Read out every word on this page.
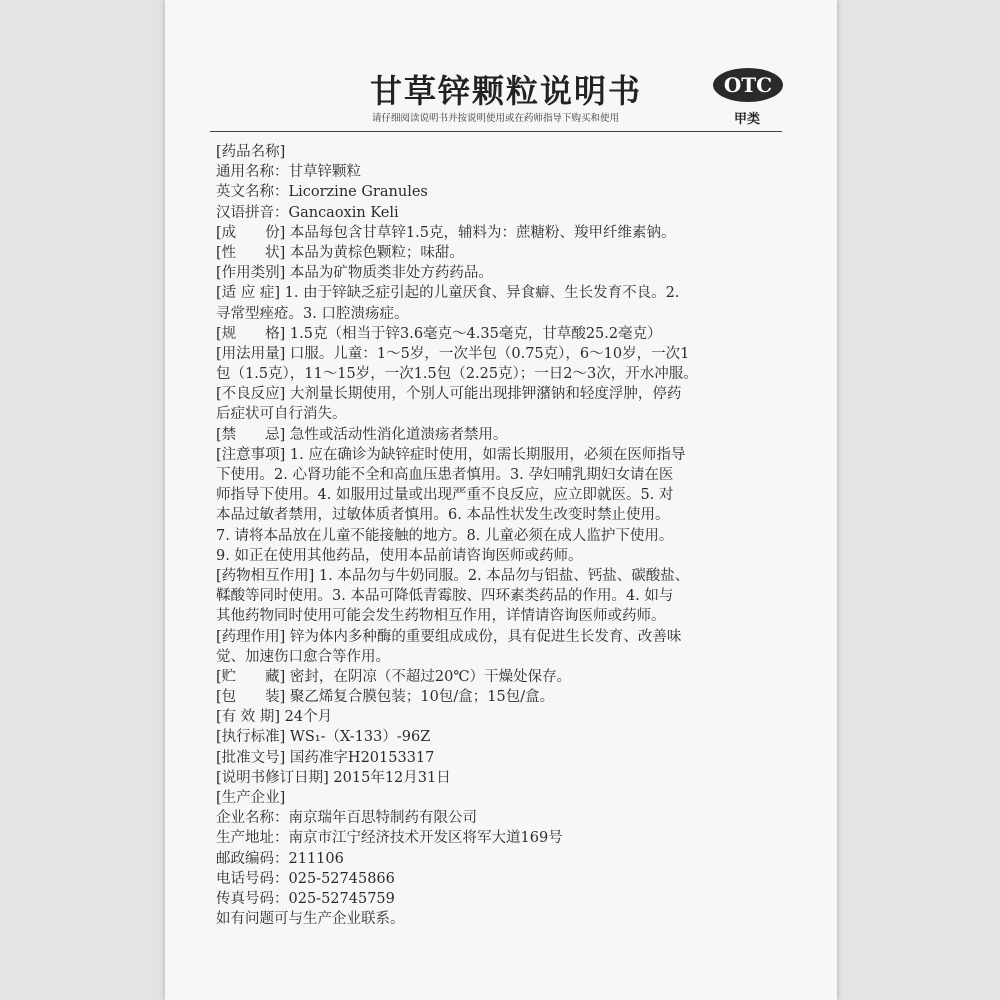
甘草锌颗粒说明书
请仔细阅读说明书并按说明使用或在药师指导下购买和使用
OTC
甲类
[药品名称]
通用名称：甘草锌颗粒
英文名称：Licorzine Granules
汉语拼音：Gancaoxin Keli
[成　　份] 本品每包含甘草锌1.5克，辅料为：蔗糖粉、羧甲纤维素钠。
[性　　状] 本品为黄棕色颗粒；味甜。
[作用类别] 本品为矿物质类非处方药药品。
[适 应 症] 1. 由于锌缺乏症引起的儿童厌食、异食癖、生长发育不良。2.
寻常型痤疮。3. 口腔溃疡症。
[规　　格] 1.5克（相当于锌3.6毫克～4.35毫克，甘草酸25.2毫克）
[用法用量] 口服。儿童：1～5岁，一次半包（0.75克），6～10岁，一次1
包（1.5克），11～15岁，一次1.5包（2.25克）；一日2～3次，开水冲服。
[不良反应] 大剂量长期使用，个别人可能出现排钾潴钠和轻度浮肿，停药
后症状可自行消失。
[禁　　忌] 急性或活动性消化道溃疡者禁用。
[注意事项] 1. 应在确诊为缺锌症时使用，如需长期服用，必须在医师指导
下使用。2. 心肾功能不全和高血压患者慎用。3. 孕妇哺乳期妇女请在医
师指导下使用。4. 如服用过量或出现严重不良反应，应立即就医。5. 对
本品过敏者禁用，过敏体质者慎用。6. 本品性状发生改变时禁止使用。
7. 请将本品放在儿童不能接触的地方。8. 儿童必须在成人监护下使用。
9. 如正在使用其他药品，使用本品前请咨询医师或药师。
[药物相互作用] 1. 本品勿与牛奶同服。2. 本品勿与铝盐、钙盐、碳酸盐、
鞣酸等同时使用。3. 本品可降低青霉胺、四环素类药品的作用。4. 如与
其他药物同时使用可能会发生药物相互作用，详情请咨询医师或药师。
[药理作用] 锌为体内多种酶的重要组成成份，具有促进生长发育、改善味
觉、加速伤口愈合等作用。
[贮　　藏] 密封，在阴凉（不超过20℃）干燥处保存。
[包　　装] 聚乙烯复合膜包装；10包/盒；15包/盒。
[有 效 期] 24个月
[执行标准] WS₁-（X-133）-96Z
[批准文号] 国药准字H20153317
[说明书修订日期] 2015年12月31日
[生产企业]
企业名称：南京瑞年百思特制药有限公司
生产地址：南京市江宁经济技术开发区将军大道169号
邮政编码：211106
电话号码：025-52745866
传真号码：025-52745759
如有问题可与生产企业联系。
